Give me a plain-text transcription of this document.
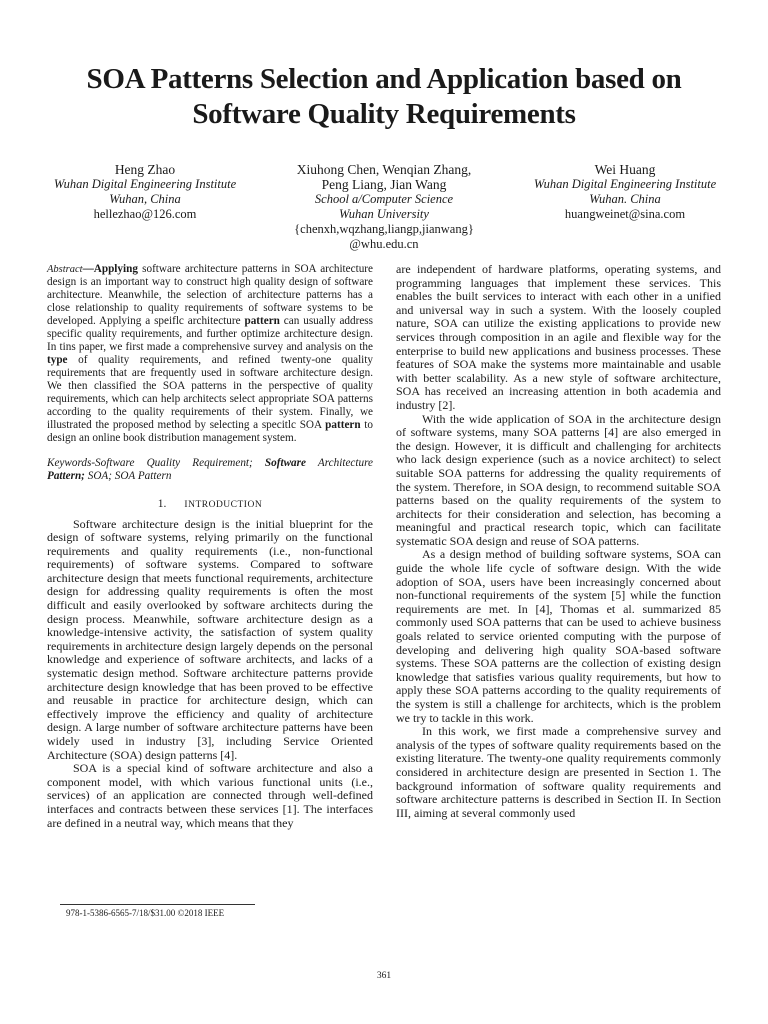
SOA Patterns Selection and Application based on Software Quality Requirements
Heng Zhao
Wuhan Digital Engineering Institute
Wuhan, China
hellezhao@126.com
Xiuhong Chen, Wenqian Zhang,
Peng Liang, Jian Wang
School a/Computer Science
Wuhan University
{chenxh,wqzhang,liangp,jianwang}
@whu.edu.cn
Wei Huang
Wuhan Digital Engineering Institute
Wuhan. China
huangweinet@sina.com

Abstract—Applying software architecture patterns in SOA architecture design is an important way to construct high quality design of software architecture. Meanwhile, the selection of architecture patterns has a close relationship to quality requirements of software systems to be developed. Applying a speiflc architecture pattern can usually address specific quality requirements, and further optimize architecture design. In tins paper, we first made a comprehensive survey and analysis on the type of quality requirements, and refined twenty-one quality requirements that are frequently used in software architecture design. We then classified the SOA patterns in the perspective of quality requirements, which can help architects select appropriate SOA patterns according to the quality requirements of their system. Finally, we illustrated the proposed method by selecting a specitlc SOA pattern to design an online book distribution management system.

Keywords-Software Quality Requirement; Software Architecture Pattern; SOA; SOA Pattern

1. INTRODUCTION

Software architecture design is the initial blueprint for the design of software systems, relying primarily on the functional requirements and quality requirements (i.e., non-functional requirements) of software systems. Compared to software architecture design that meets functional requirements, architecture design for addressing quality requirements is often the most difficult and easily overlooked by software architects during the design process. Meanwhile, software architecture design as a knowledge-intensive activity, the satisfaction of system quality requirements in architecture design largely depends on the personal knowledge and experience of software architects, and lacks of a systematic design method. Software architecture patterns provide architecture design knowledge that has been proved to be effective and reusable in practice for architecture design, which can effectively improve the efficiency and quality of architecture design. A large number of software architecture patterns have been widely used in industry [3], including Service Oriented Architecture (SOA) design patterns [4].

SOA is a special kind of software architecture and also a component model, with which various functional units (i.e., services) of an application are connected through well-defined interfaces and contracts between these services [1]. The interfaces are defined in a neutral way, which means that they

are independent of hardware platforms, operating systems, and programming languages that implement these services. This enables the built services to interact with each other in a unified and universal way in such a system. With the loosely coupled nature, SOA can utilize the existing applications to provide new services through composition in an agile and flexible way for the enterprise to build new applications and business processes. These features of SOA make the systems more maintainable and usable with better scalability. As a new style of software architecture, SOA has received an increasing attention in both academia and industry [2].

With the wide application of SOA in the architecture design of software systems, many SOA patterns [4] are also emerged in the design. However, it is difficult and challenging for architects who lack design experience (such as a novice architect) to select suitable SOA patterns for addressing the quality requirements of the system. Therefore, in SOA design, to recommend suitable SOA patterns based on the quality requirements of the system to architects for their consideration and selection, has becoming a meaningful and practical research topic, which can facilitate systematic SOA design and reuse of SOA patterns.

As a design method of building software systems, SOA can guide the whole life cycle of software design. With the wide adoption of SOA, users have been increasingly concerned about non-functional requirements of the system [5] while the function requirements are met. In [4], Thomas et al. summarized 85 commonly used SOA patterns that can be used to achieve business goals related to service oriented computing with the purpose of developing and delivering high quality SOA-based software systems. These SOA patterns are the collection of existing design knowledge that satisfies various quality requirements, but how to apply these SOA patterns according to the quality requirements of the system is still a challenge for architects, which is the problem we try to tackle in this work.

In this work, we first made a comprehensive survey and analysis of the types of software quality requirements based on the existing literature. The twenty-one quality requirements commonly considered in architecture design are presented in Section 1. The background information of software quality requirements and software architecture patterns is described in Section II. In Section III, aiming at several commonly used

978-1-5386-6565-7/18/$31.00 ©2018 IEEE
361
